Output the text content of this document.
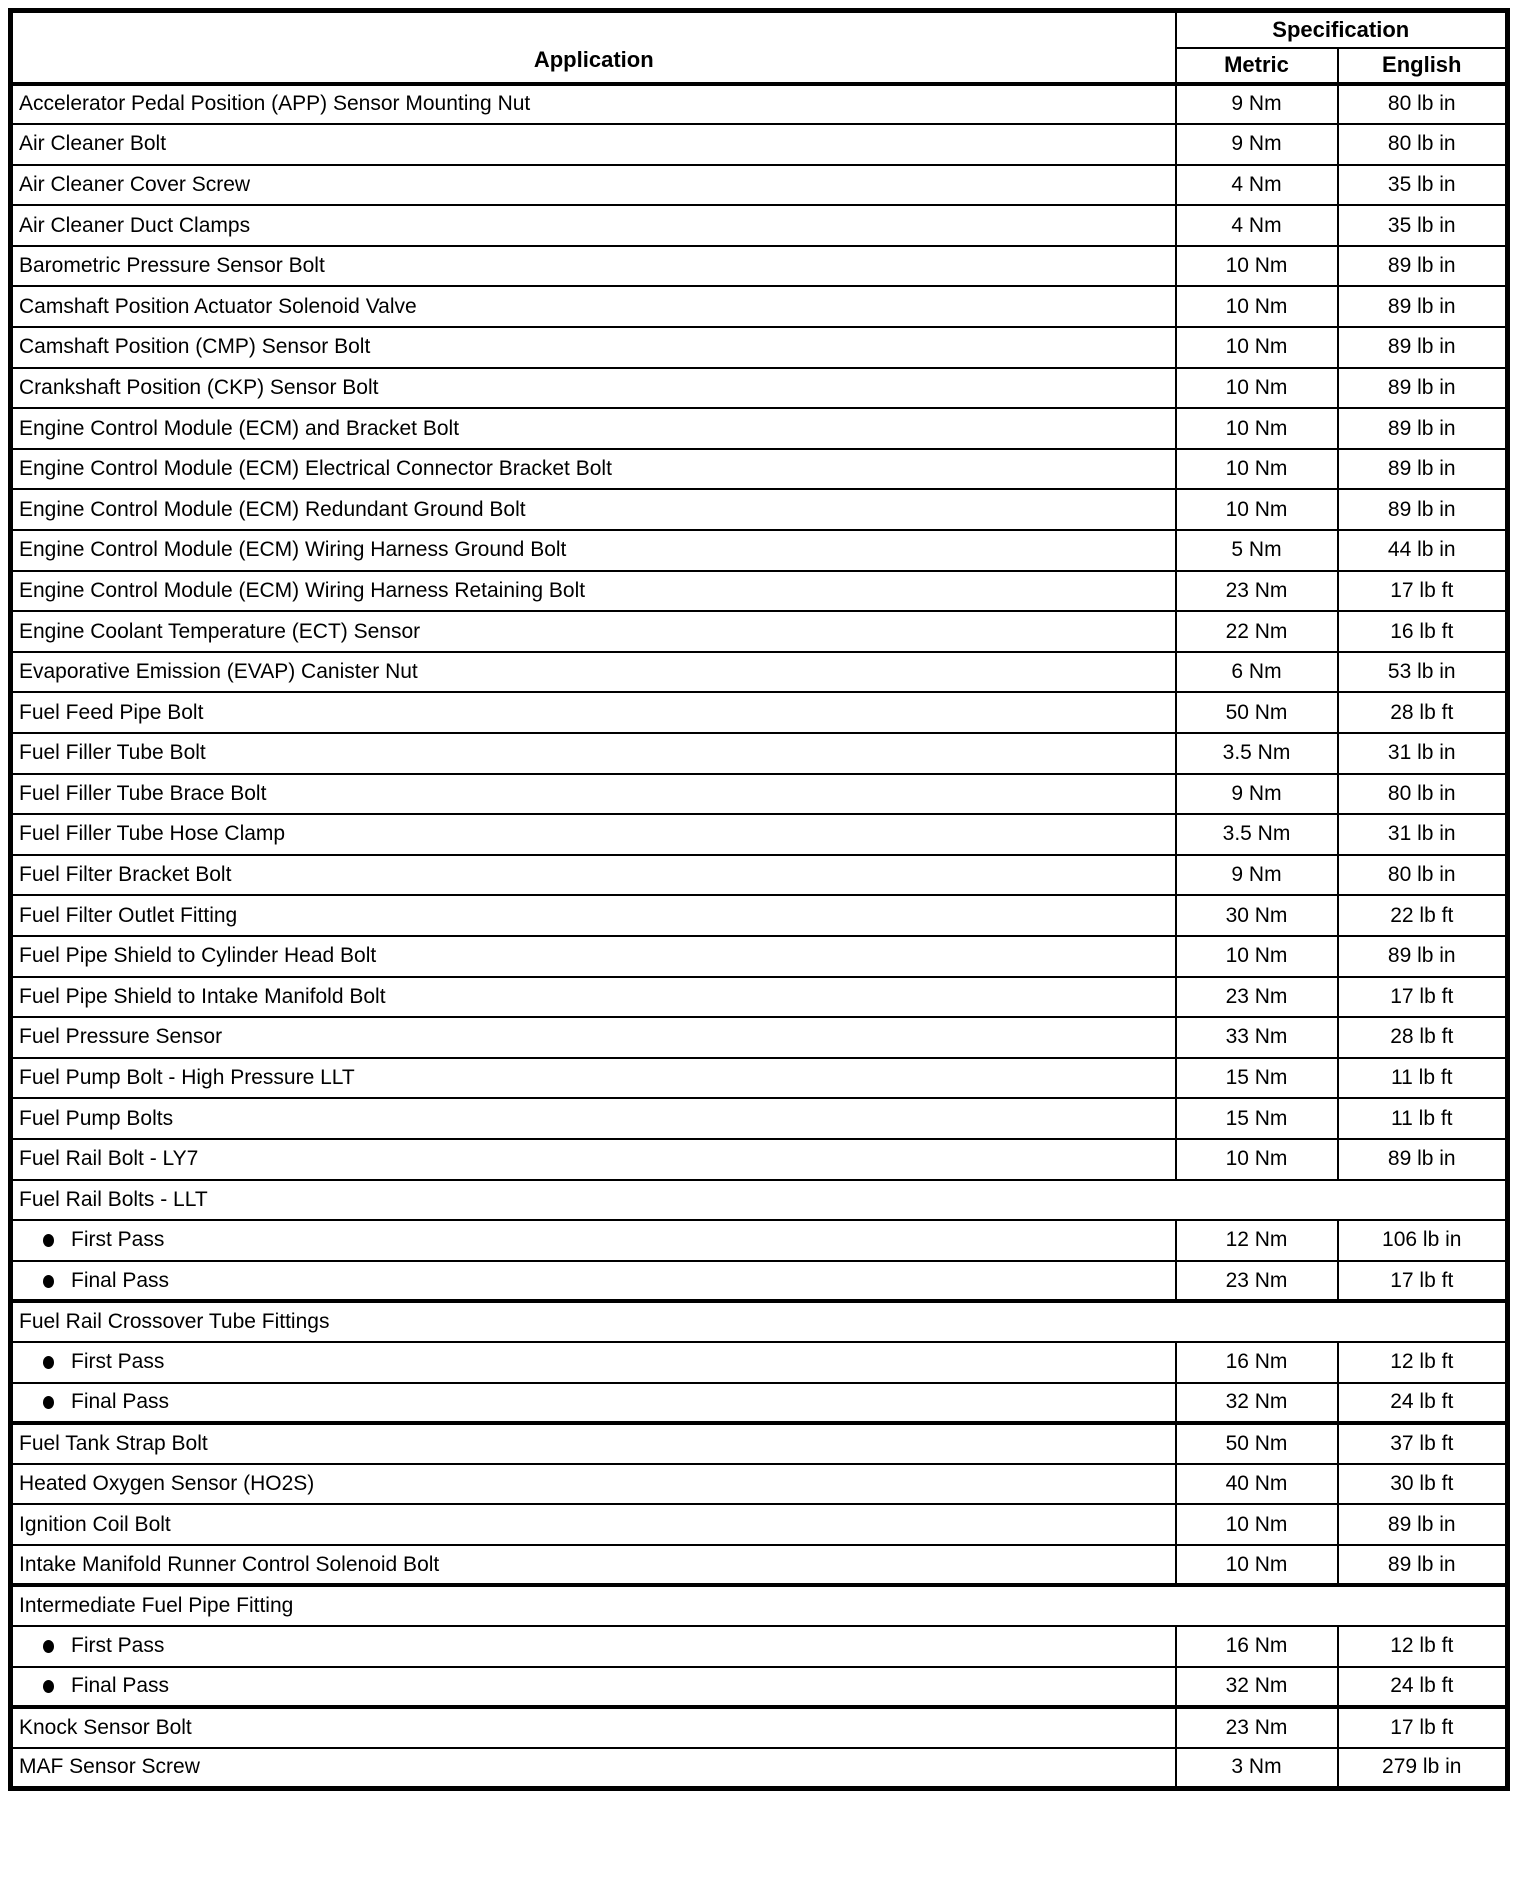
Application	Specification	
	Metric	English
Accelerator Pedal Position (APP) Sensor Mounting Nut	9 Nm	80 lb in
Air Cleaner Bolt	9 Nm	80 lb in
Air Cleaner Cover Screw	4 Nm	35 lb in
Air Cleaner Duct Clamps	4 Nm	35 lb in
Barometric Pressure Sensor Bolt	10 Nm	89 lb in
Camshaft Position Actuator Solenoid Valve	10 Nm	89 lb in
Camshaft Position (CMP) Sensor Bolt	10 Nm	89 lb in
Crankshaft Position (CKP) Sensor Bolt	10 Nm	89 lb in
Engine Control Module (ECM) and Bracket Bolt	10 Nm	89 lb in
Engine Control Module (ECM) Electrical Connector Bracket Bolt	10 Nm	89 lb in
Engine Control Module (ECM) Redundant Ground Bolt	10 Nm	89 lb in
Engine Control Module (ECM) Wiring Harness Ground Bolt	5 Nm	44 lb in
Engine Control Module (ECM) Wiring Harness Retaining Bolt	23 Nm	17 lb ft
Engine Coolant Temperature (ECT) Sensor	22 Nm	16 lb ft
Evaporative Emission (EVAP) Canister Nut	6 Nm	53 lb in
Fuel Feed Pipe Bolt	50 Nm	28 lb ft
Fuel Filler Tube Bolt	3.5 Nm	31 lb in
Fuel Filler Tube Brace Bolt	9 Nm	80 lb in
Fuel Filler Tube Hose Clamp	3.5 Nm	31 lb in
Fuel Filter Bracket Bolt	9 Nm	80 lb in
Fuel Filter Outlet Fitting	30 Nm	22 lb ft
Fuel Pipe Shield to Cylinder Head Bolt	10 Nm	89 lb in
Fuel Pipe Shield to Intake Manifold Bolt	23 Nm	17 lb ft
Fuel Pressure Sensor	33 Nm	28 lb ft
Fuel Pump Bolt - High Pressure LLT	15 Nm	11 lb ft
Fuel Pump Bolts	15 Nm	11 lb ft
Fuel Rail Bolt - LY7	10 Nm	89 lb in
Fuel Rail Bolts - LLT		
First Pass	12 Nm	106 lb in
Final Pass	23 Nm	17 lb ft
Fuel Rail Crossover Tube Fittings		
First Pass	16 Nm	12 lb ft
Final Pass	32 Nm	24 lb ft
Fuel Tank Strap Bolt	50 Nm	37 lb ft
Heated Oxygen Sensor (HO2S)	40 Nm	30 lb ft
Ignition Coil Bolt	10 Nm	89 lb in
Intake Manifold Runner Control Solenoid Bolt	10 Nm	89 lb in
Intermediate Fuel Pipe Fitting		
First Pass	16 Nm	12 lb ft
Final Pass	32 Nm	24 lb ft
Knock Sensor Bolt	23 Nm	17 lb ft
MAF Sensor Screw	3 Nm	279 lb in
